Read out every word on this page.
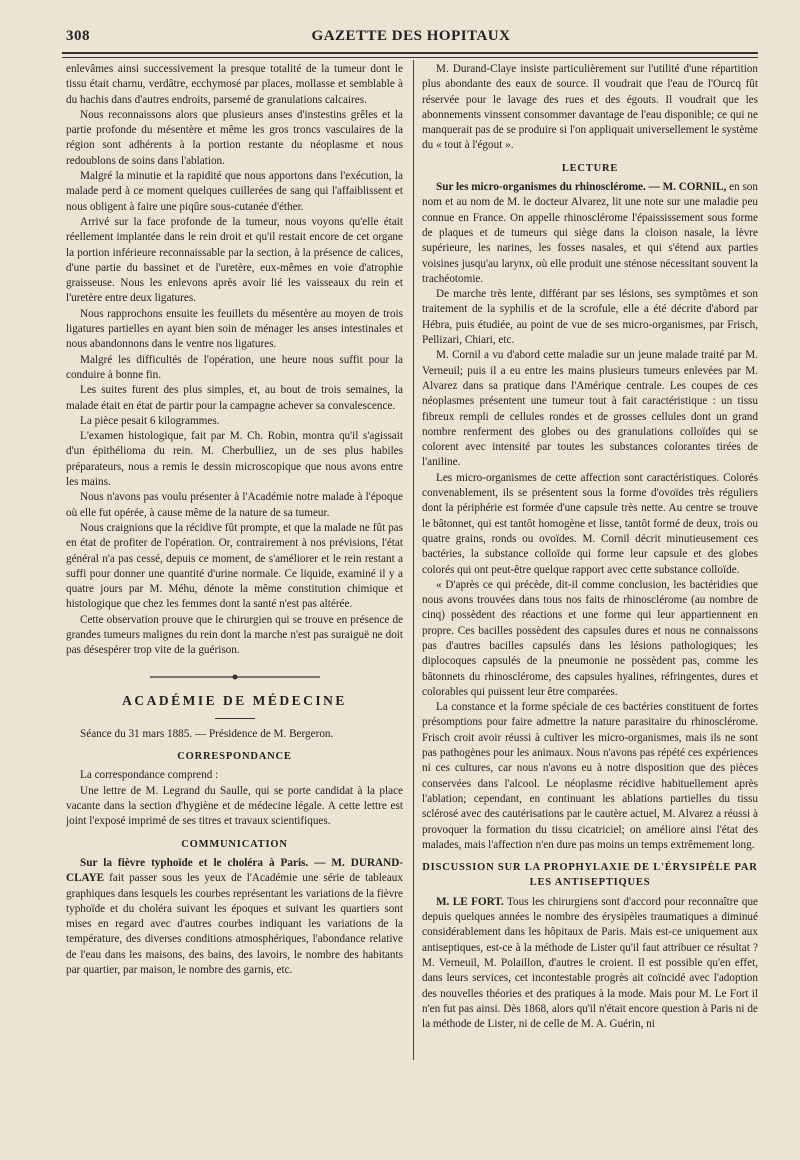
308	GAZETTE DES HOPITAUX

enlevâmes ainsi successivement la presque totalité de la tumeur dont le tissu était charnu, verdâtre, ecchymosé par places, mollasse et semblable à du hachis dans d'autres endroits, parsemé de granulations calcaires.

Nous reconnaissons alors que plusieurs anses d'instestins grêles et la partie profonde du mésentère et même les gros troncs vasculaires de la région sont adhérents à la portion restante du néoplasme et nous redoublons de soins dans l'ablation.

Malgré la minutie et la rapidité que nous apportons dans l'exécution, la malade perd à ce moment quelques cuillerées de sang qui l'affaiblissent et nous obligent à faire une piqûre sous-cutanée d'éther.

Arrivé sur la face profonde de la tumeur, nous voyons qu'elle était réellement implantée dans le rein droit et qu'il restait encore de cet organe la portion inférieure reconnaissable par la section, à la présence de calices, d'une partie du bassinet et de l'uretère, eux-mêmes en voie d'atrophie graisseuse. Nous les enlevons après avoir lié les vaisseaux du rein et l'uretère entre deux ligatures.

Nous rapprochons ensuite les feuillets du mésentère au moyen de trois ligatures partielles en ayant bien soin de ménager les anses intestinales et nous abandonnons dans le ventre nos ligatures.

Malgré les difficultés de l'opération, une heure nous suffit pour la conduire à bonne fin.

Les suites furent des plus simples, et, au bout de trois semaines, la malade était en état de partir pour la campagne achever sa convalescence.

La pièce pesait 6 kilogrammes.

L'examen histologique, fait par M. Ch. Robin, montra qu'il s'agissait d'un épithélioma du rein. M. Cherbulliez, un de ses plus habiles préparateurs, nous a remis le dessin microscopique que nous avons entre les mains.

Nous n'avons pas voulu présenter à l'Académie notre malade à l'époque où elle fut opérée, à cause même de la nature de sa tumeur.

Nous craignions que la récidive fût prompte, et que la malade ne fût pas en état de profiter de l'opération. Or, contrairement à nos prévisions, l'état général n'a pas cessé, depuis ce moment, de s'améliorer et le rein restant a suffi pour donner une quantité d'urine normale. Ce liquide, examiné il y a quatre jours par M. Méhu, dénote la même constitution chimique et histologique que chez les femmes dont la santé n'est pas altérée.

Cette observation prouve que le chirurgien qui se trouve en présence de grandes tumeurs malignes du rein dont la marche n'est pas suraiguë ne doit pas désespérer trop vite de la guérison.

ACADÉMIE DE MÉDECINE

Séance du 31 mars 1885. — Présidence de M. Bergeron.

CORRESPONDANCE

La correspondance comprend :

Une lettre de M. Legrand du Saulle, qui se porte candidat à la place vacante dans la section d'hygiène et de médecine légale. A cette lettre est joint l'exposé imprimé de ses titres et travaux scientifiques.

COMMUNICATION

Sur la fièvre typhoïde et le choléra à Paris. — M. DURAND-CLAYE fait passer sous les yeux de l'Académie une série de tableaux graphiques dans lesquels les courbes représentant les variations de la fièvre typhoïde et du choléra suivant les époques et suivant les quartiers sont mises en regard avec d'autres courbes indiquant les variations de la température, des diverses conditions atmosphériques, l'abondance relative de l'eau dans les maisons, des bains, des lavoirs, le nombre des habitants par quartier, par maison, le nombre des garnis, etc.

M. Durand-Claye insiste particulièrement sur l'utilité d'une répartition plus abondante des eaux de source. Il voudrait que l'eau de l'Ourcq fût réservée pour le lavage des rues et des égouts. Il voudrait que les abonnements vinssent consommer davantage de l'eau disponible; ce qui ne manquerait pas de se produire si l'on appliquait universellement le système du « tout à l'égout ».

LECTURE

Sur les micro-organismes du rhinosclérome. — M. CORNIL, en son nom et au nom de M. le docteur Alvarez, lit une note sur une maladie peu connue en France. On appelle rhinosclérome l'épaississement sous forme de plaques et de tumeurs qui siège dans la cloison nasale, la lèvre supérieure, les narines, les fosses nasales, et qui s'étend aux parties voisines jusqu'au larynx, où elle produit une sténose nécessitant souvent la trachéotomie.

De marche très lente, différant par ses lésions, ses symptômes et son traitement de la syphilis et de la scrofule, elle a été décrite d'abord par Hébra, puis étudiée, au point de vue de ses micro-organismes, par Frisch, Pellizari, Chiari, etc.

M. Cornil a vu d'abord cette maladie sur un jeune malade traité par M. Verneuil; puis il a eu entre les mains plusieurs tumeurs enlevées par M. Alvarez dans sa pratique dans l'Amérique centrale. Les coupes de ces néoplasmes présentent une tumeur tout à fait caractéristique : un tissu fibreux rempli de cellules rondes et de grosses cellules dont un grand nombre renferment des globes ou des granulations colloïdes qui se colorent avec intensité par toutes les substances colorantes tirées de l'aniline.

Les micro-organismes de cette affection sont caractéristiques. Colorés convenablement, ils se présentent sous la forme d'ovoïdes très réguliers dont la périphérie est formée d'une capsule très nette. Au centre se trouve le bâtonnet, qui est tantôt homogène et lisse, tantôt formé de deux, trois ou quatre grains, ronds ou ovoïdes. M. Cornil décrit minutieusement ces bactéries, la substance colloïde qui forme leur capsule et des globes colorés qui ont peut-être quelque rapport avec cette substance colloïde.

« D'après ce qui précède, dit-il comme conclusion, les bactéridies que nous avons trouvées dans tous nos faits de rhinosclérome (au nombre de cinq) possèdent des réactions et une forme qui leur appartiennent en propre. Ces bacilles possèdent des capsules dures et nous ne connaissons pas d'autres bacilles capsulés dans les lésions pathologiques; les diplocoques capsulés de la pneumonie ne possèdent pas, comme les bâtonnets du rhinosclérome, des capsules hyalines, réfringentes, dures et colorables qui puissent leur être comparées.

La constance et la forme spéciale de ces bactéries constituent de fortes présomptions pour faire admettre la nature parasitaire du rhinosclérome. Frisch croit avoir réussi à cultiver les micro-organismes, mais ils ne sont pas pathogènes pour les animaux. Nous n'avons pas répété ces expériences ni ces cultures, car nous n'avons eu à notre disposition que des pièces conservées dans l'alcool. Le néoplasme récidive habituellement après l'ablation; cependant, en continuant les ablations partielles du tissu sclérosé avec des cautérisations par le cautère actuel, M. Alvarez a réussi à provoquer la formation du tissu cicatriciel; on améliore ainsi l'état des malades, mais l'affection n'en dure pas moins un temps extrêmement long.

DISCUSSION SUR LA PROPHYLAXIE DE L'ÉRYSIPÈLE PAR LES ANTISEPTIQUES

M. LE FORT. Tous les chirurgiens sont d'accord pour reconnaître que depuis quelques années le nombre des érysipèles traumatiques a diminué considérablement dans les hôpitaux de Paris. Mais est-ce uniquement aux antiseptiques, est-ce à la méthode de Lister qu'il faut attribuer ce résultat ? M. Verneuil, M. Polaillon, d'autres le croient. Il est possible qu'en effet, dans leurs services, cet incontestable progrès ait coïncidé avec l'adoption des nouvelles théories et des pratiques à la mode. Mais pour M. Le Fort il n'en fut pas ainsi. Dès 1868, alors qu'il n'était encore question à Paris ni de la méthode de Lister, ni de celle de M. A. Guérin, ni
